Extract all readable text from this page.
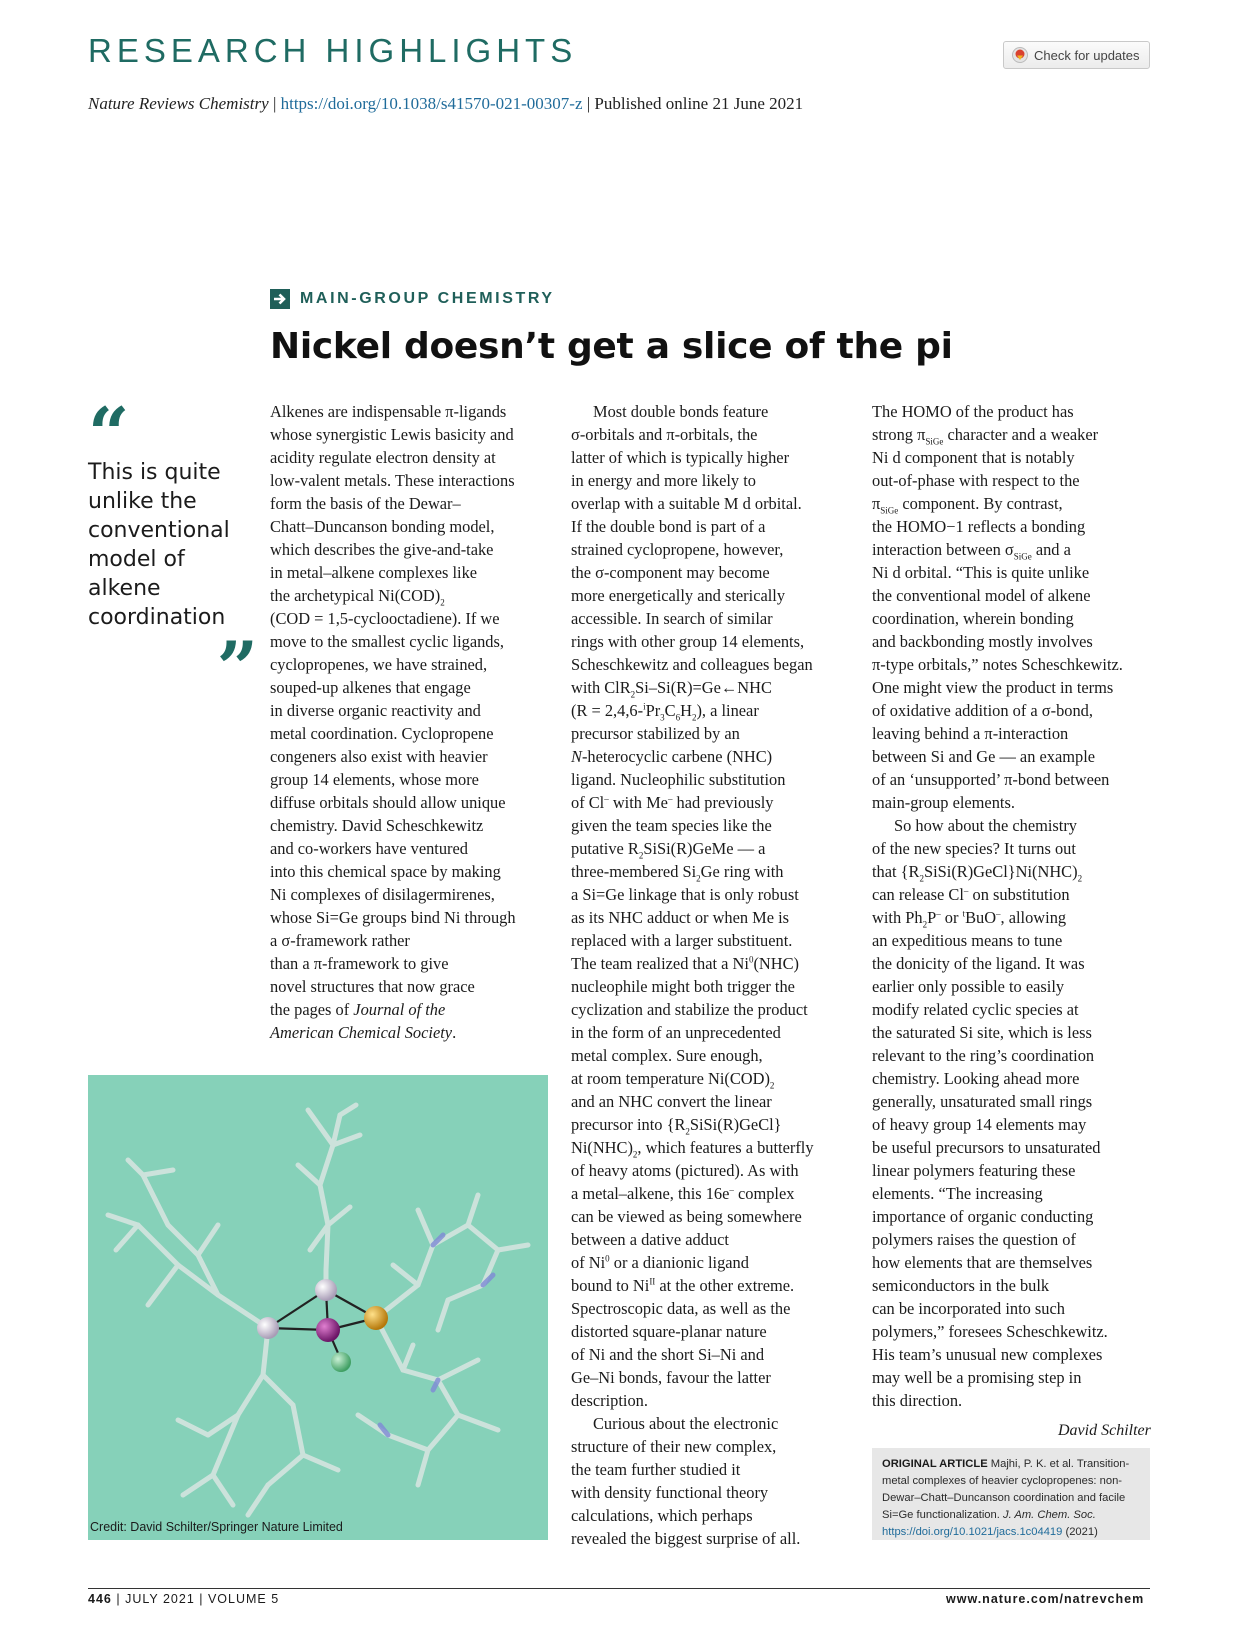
RESEARCH HIGHLIGHTS	Check for updates
Nature Reviews Chemistry | https://doi.org/10.1038/s41570-021-00307-z | Published online 21 June 2021
MAIN-GROUP CHEMISTRY
Nickel doesn’t get a slice of the pi
“
This is quite unlike the conventional model of alkene coordination
”

Alkenes are indispensable π-ligands
whose synergistic Lewis basicity and
acidity regulate electron density at
low-valent metals. These interactions
form the basis of the Dewar–
Chatt–Duncanson bonding model,
which describes the give-and-take
in metal–alkene complexes like
the archetypical $Ni(COD)_2$
(COD = 1,5-cyclooctadiene). If we
move to the smallest cyclic ligands,
cyclopropenes, we have strained,
souped-up alkenes that engage
in diverse organic reactivity and
metal coordination. Cyclopropene
congeners also exist with heavier
group 14 elements, whose more
diffuse orbitals should allow unique
chemistry. David Scheschkewitz
and co-workers have ventured
into this chemical space by making
Ni complexes of disilagermirenes,
whose Si=Ge groups bind Ni through
a σ-framework rather
than a π-framework to give
novel structures that now grace
the pages of Journal of the
American Chemical Society.

Most double bonds feature
σ-orbitals and π-orbitals, the
latter of which is typically higher
in energy and more likely to
overlap with a suitable M d orbital.
If the double bond is part of a
strained cyclopropene, however,
the σ-component may become
more energetically and sterically
accessible. In search of similar
rings with other group 14 elements,
Scheschkewitz and colleagues began
with ClR$_2$Si–Si(R)=Ge←NHC
$(R = 2,4,6-^iPr_3C_6H_2)$, a linear
precursor stabilized by an
N-heterocyclic carbene (NHC)
ligand. Nucleophilic substitution
of Cl– with Me– had previously
given the team species like the
putative $R_2SiSi(R)GeMe$ — a
three-membered $Si_2Ge$ ring with
a Si=Ge linkage that is only robust
as its NHC adduct or when Me is
replaced with a larger substituent.
The team realized that a Ni$^0$(NHC)
nucleophile might both trigger the
cyclization and stabilize the product
in the form of an unprecedented
metal complex. Sure enough,
at room temperature $Ni(COD)_2$
and an NHC convert the linear
precursor into $\{R_2SiSi(R)GeCl\}$
$Ni(NHC)_2$, which features a butterfly
of heavy atoms (pictured). As with
a metal–alkene, this 16e– complex
can be viewed as being somewhere
between a dative adduct
of Ni$^0$ or a dianionic ligand
bound to $Ni^{II}$ at the other extreme.
Spectroscopic data, as well as the
distorted square-planar nature
of Ni and the short Si–Ni and
Ge–Ni bonds, favour the latter
description.

Curious about the electronic
structure of their new complex,
the team further studied it
with density functional theory
calculations, which perhaps
revealed the biggest surprise of all.

The HOMO of the product has
strong $\pi_{SiGe}$ character and a weaker
Ni d component that is notably
out-of-phase with respect to the
$\pi_{SiGe}$ component. By contrast,
the HOMO−1 reflects a bonding
interaction between $\sigma_{SiGe}$ and a
Ni d orbital. “This is quite unlike
the conventional model of alkene
coordination, wherein bonding
and backbonding mostly involves
π-type orbitals,” notes Scheschkewitz.
One might view the product in terms
of oxidative addition of a σ-bond,
leaving behind a π-interaction
between Si and Ge — an example
of an ‘unsupported’ π-bond between
main-group elements.

So how about the chemistry
of the new species? It turns out
that $\{R_2SiSi(R)GeCl\}Ni(NHC)_2$
can release Cl– on substitution
with $Ph_2P^-$ or $^t$BuO–, allowing
an expeditious means to tune
the donicity of the ligand. It was
earlier only possible to easily
modify related cyclic species at
the saturated Si site, which is less
relevant to the ring’s coordination
chemistry. Looking ahead more
generally, unsaturated small rings
of heavy group 14 elements may
be useful precursors to unsaturated
linear polymers featuring these
elements. “The increasing
importance of organic conducting
polymers raises the question of
how elements that are themselves
semiconductors in the bulk
can be incorporated into such
polymers,” foresees Scheschkewitz.
His team’s unusual new complexes
may well be a promising step in
this direction.

Credit: David Schilter/Springer Nature Limited
David Schilter
ORIGINAL ARTICLE Majhi, P. K. et al. Transition-metal complexes of heavier cyclopropenes: non-Dewar–Chatt–Duncanson coordination and facile Si=Ge functionalization. J. Am. Chem. Soc. https://doi.org/10.1021/jacs.1c04419 (2021)
446 | JULY 2021 | VOLUME 5	www.nature.com/natrevchem
